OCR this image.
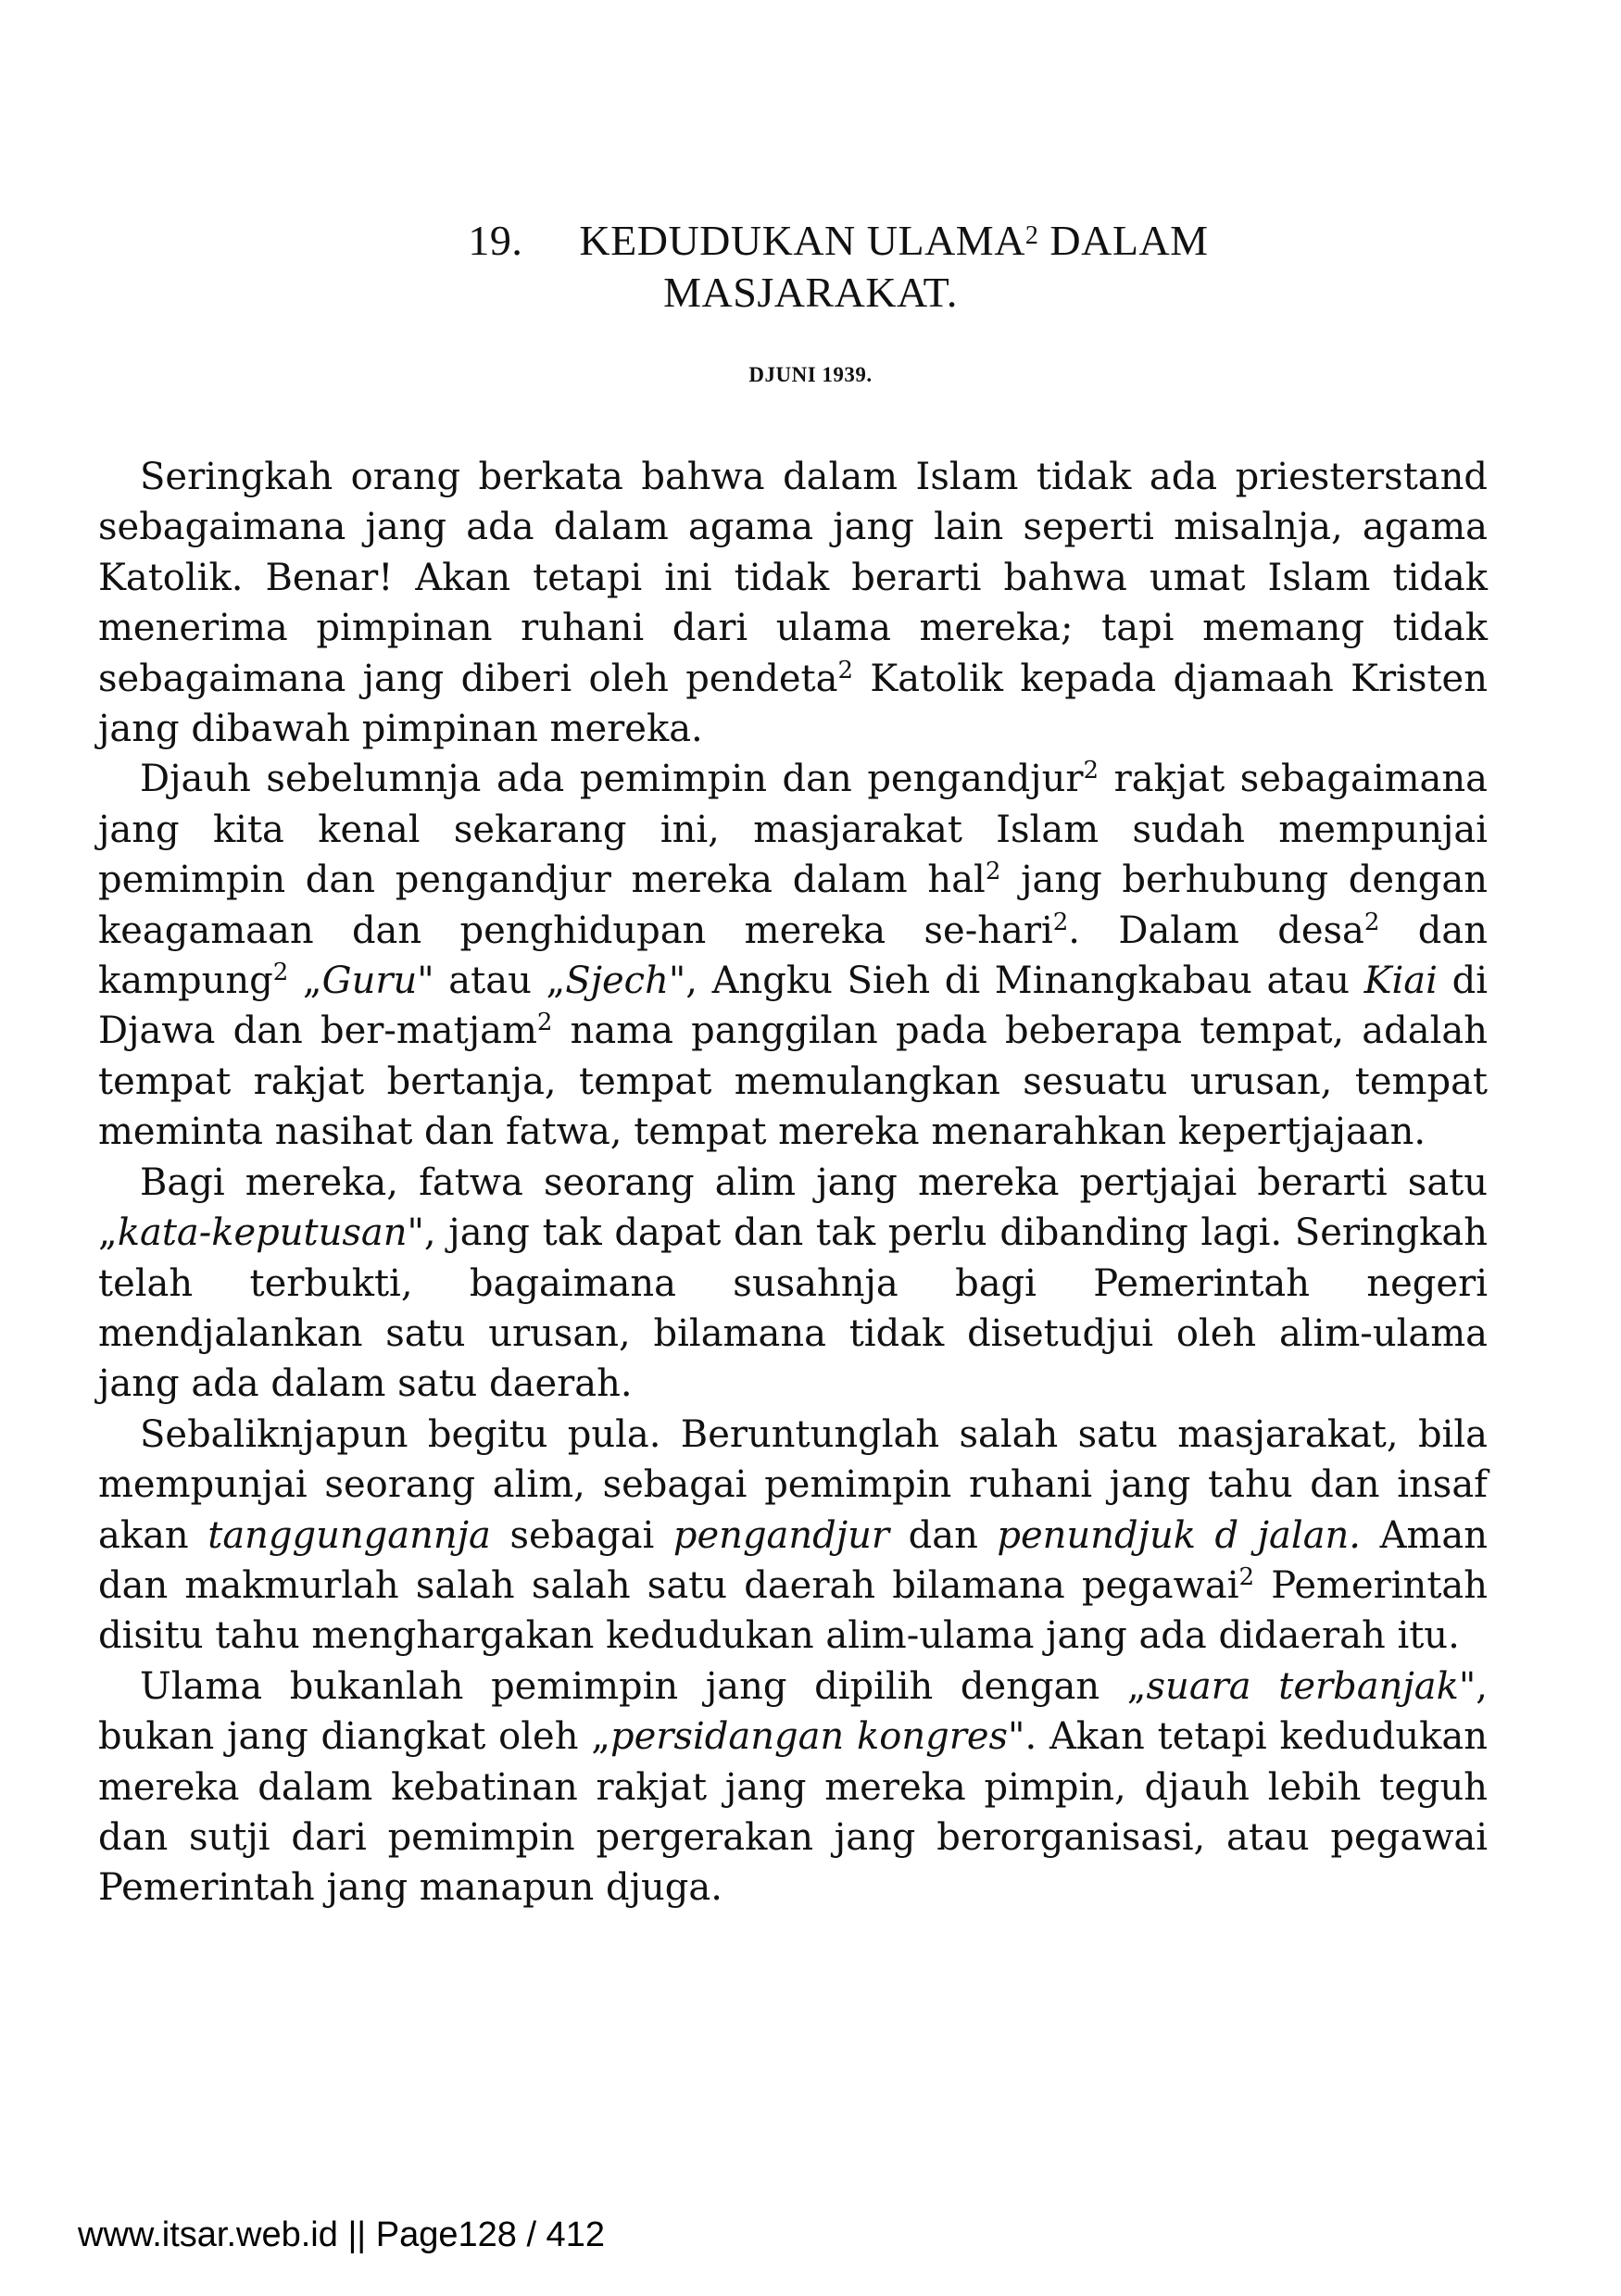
19. KEDUDUKAN ULAMA$^2$ DALAM
MASJARAKAT.
DJUNI 1939.

Seringkah orang berkata bahwa dalam Islam tidak ada priesterstand sebagaimana jang ada dalam agama jang lain seperti misalnja, agama Katolik. Benar! Akan tetapi ini tidak berarti bahwa umat Islam tidak menerima pimpinan ruhani dari ulama mereka; tapi memang tidak sebagaimana jang diberi oleh pendeta$^2$ Katolik kepada djamaah Kristen jang dibawah pimpinan mereka.

Djauh sebelumnja ada pemimpin dan pengandjur$^2$ rakjat sebagaimana jang kita kenal sekarang ini, masjarakat Islam sudah mempunjai pemimpin dan pengandjur mereka dalam hal$^2$ jang berhubung dengan keagamaan dan penghidupan mereka se-hari$^2$. Dalam desa$^2$ dan kampung$^2$ „Guru" atau „Sjech", Angku Sieh di Minangkabau atau Kiai di Djawa dan ber-matjam$^2$ nama panggilan pada beberapa tempat, adalah tempat rakjat bertanja, tempat memulangkan sesuatu urusan, tempat meminta nasihat dan fatwa, tempat mereka menarahkan kepertjajaan.

Bagi mereka, fatwa seorang alim jang mereka pertjajai berarti satu „kata-keputusan", jang tak dapat dan tak perlu dibanding lagi. Seringkah telah terbukti, bagaimana susahnja bagi Pemerintah negeri mendjalankan satu urusan, bilamana tidak disetudjui oleh alim-ulama jang ada dalam satu daerah.

Sebaliknjapun begitu pula. Beruntunglah salah satu masjarakat, bila mempunjai seorang alim, sebagai pemimpin ruhani jang tahu dan insaf akan tanggungannja sebagai pengandjur dan penundjuk d jalan. Aman dan makmurlah salah salah satu daerah bilamana pegawai$^2$ Pemerintah disitu tahu menghargakan kedudukan alim-ulama jang ada didaerah itu.

Ulama bukanlah pemimpin jang dipilih dengan „suara terbanjak", bukan jang diangkat oleh „persidangan kongres". Akan tetapi kedudukan mereka dalam kebatinan rakjat jang mereka pimpin, djauh lebih teguh dan sutji dari pemimpin pergerakan jang berorganisasi, atau pegawai Pemerintah jang manapun djuga.

www.itsar.web.id || Page128 / 412
